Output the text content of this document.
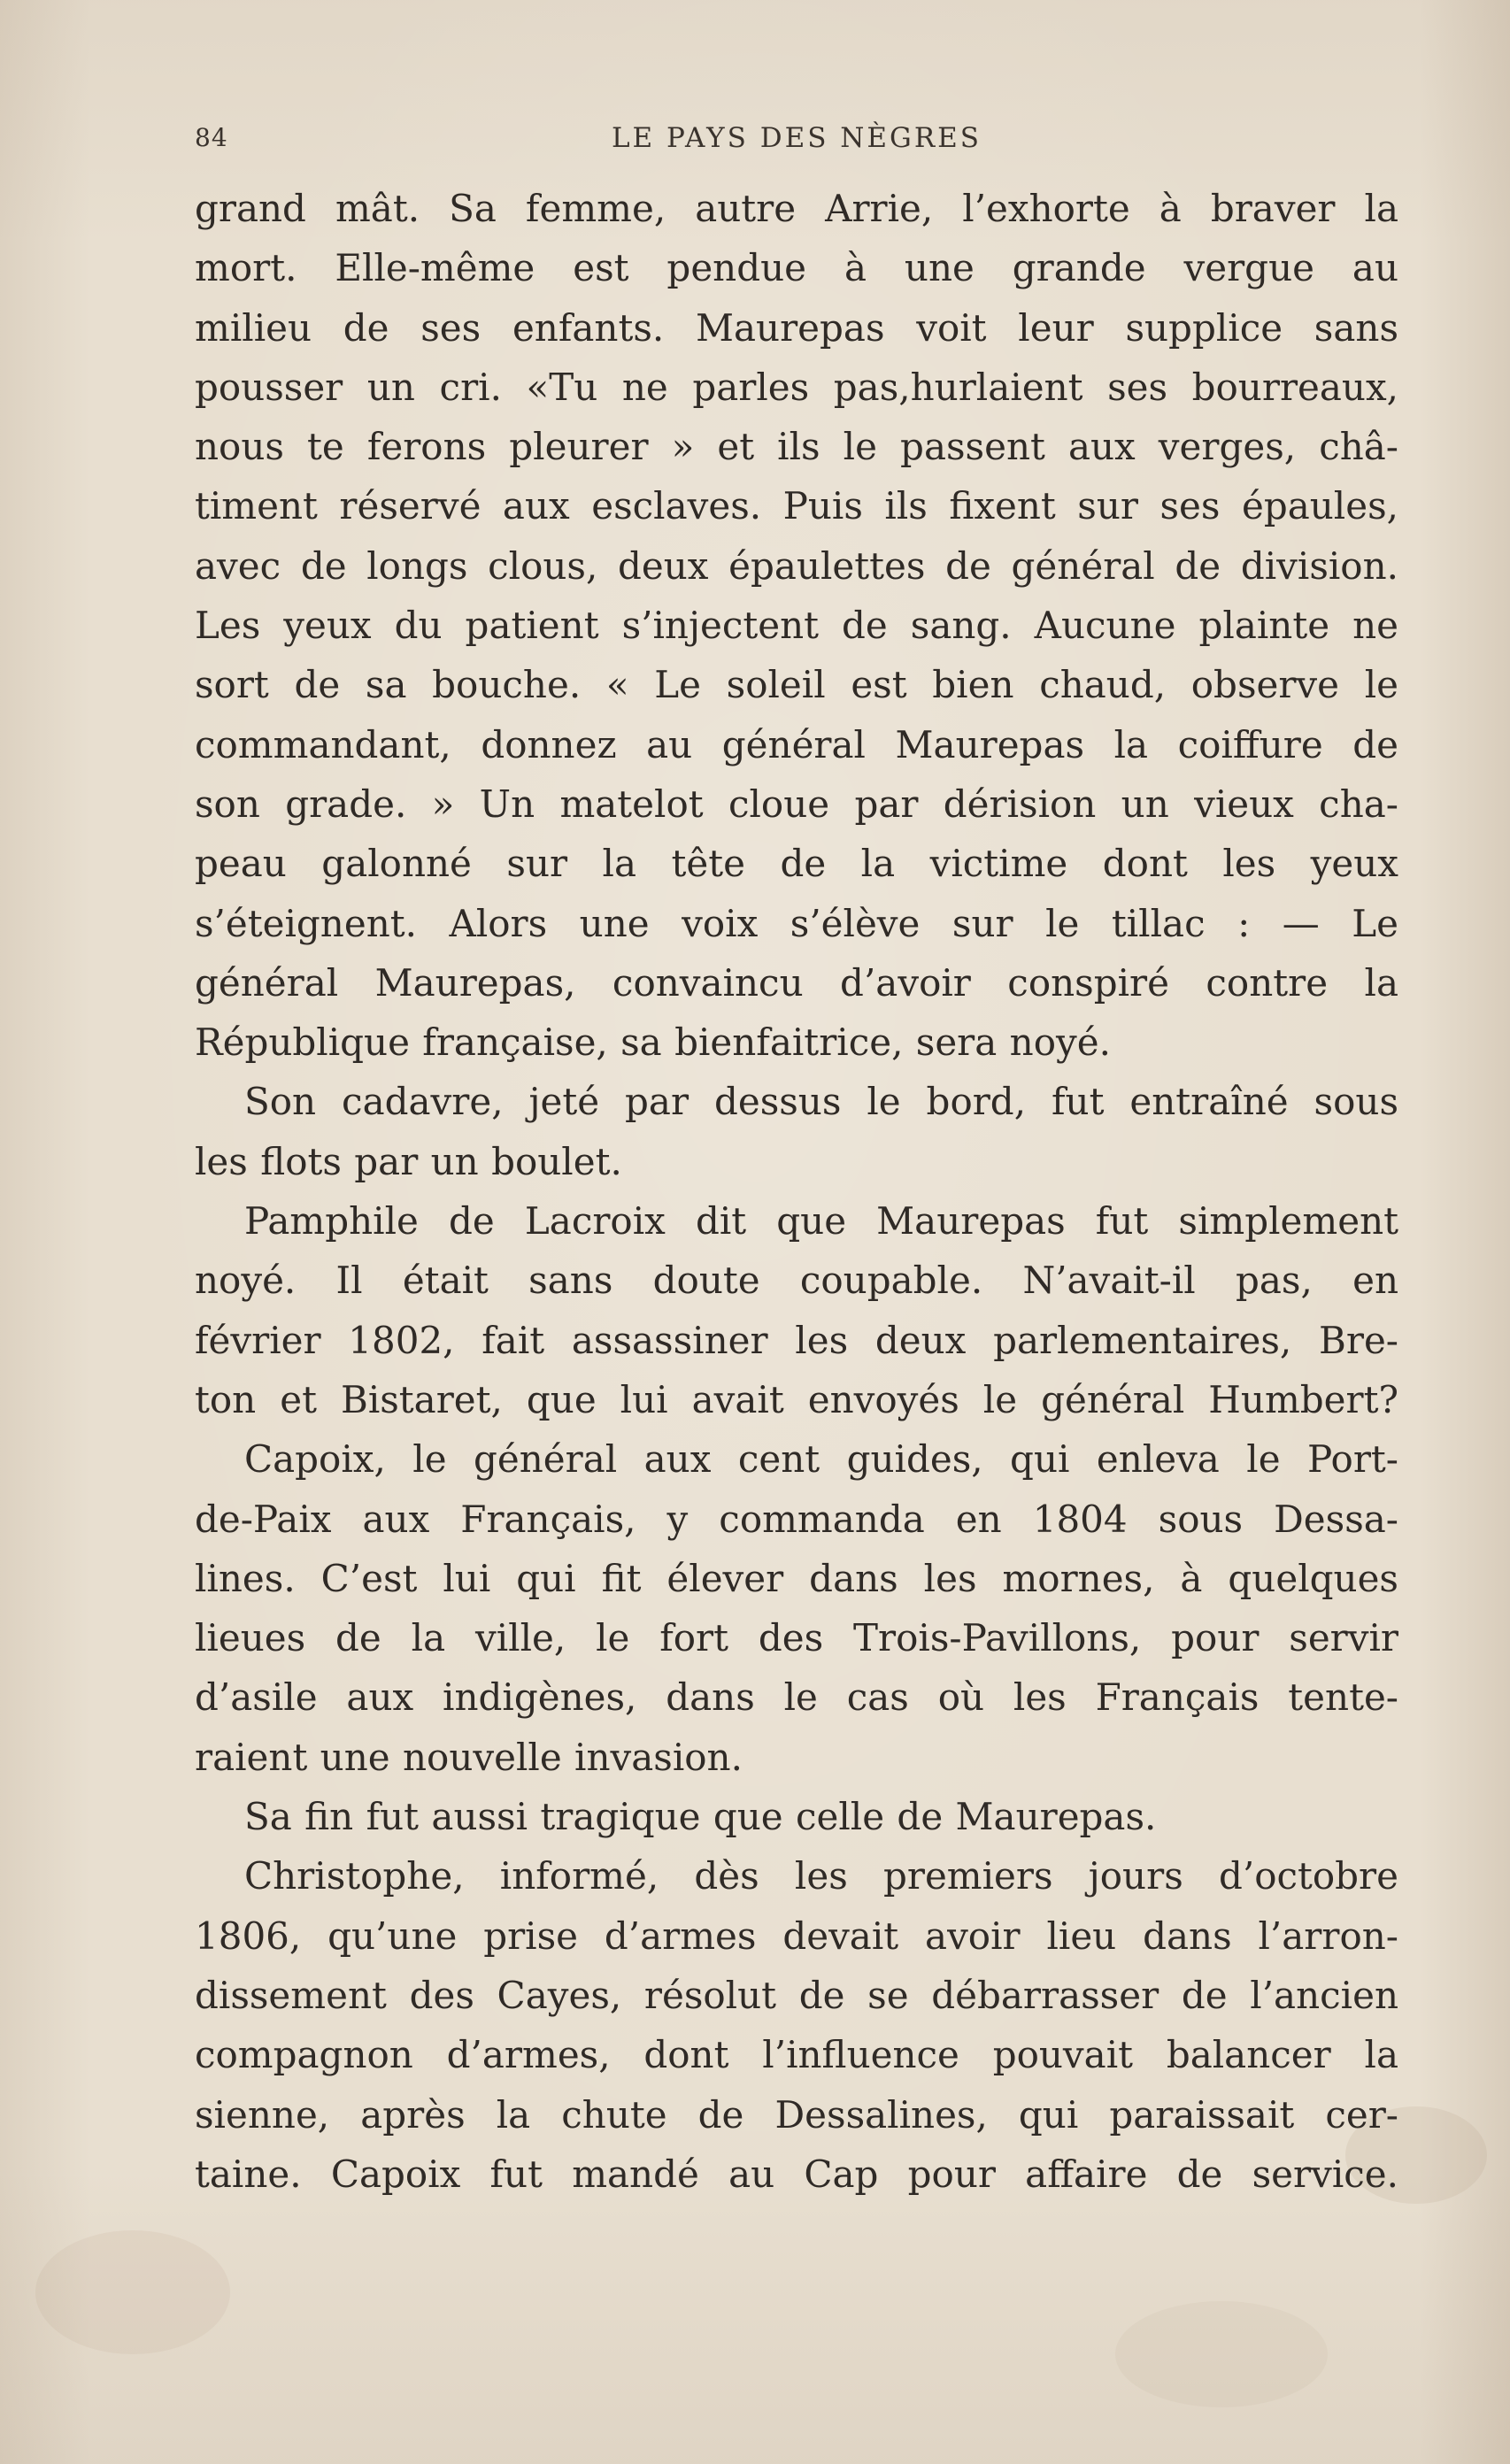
84	LE PAYS DES NÈGRES
grand mât. Sa femme, autre Arrie, l’exhorte à braver la
mort. Elle-même est pendue à une grande vergue au
milieu de ses enfants. Maurepas voit leur supplice sans
pousser un cri. «Tu ne parles pas,hurlaient ses bourreaux,
nous te ferons pleurer » et ils le passent aux verges, châ-
timent réservé aux esclaves. Puis ils fixent sur ses épaules,
avec de longs clous, deux épaulettes de général de division.
Les yeux du patient s’injectent de sang. Aucune plainte ne
sort de sa bouche. « Le soleil est bien chaud, observe le
commandant, donnez au général Maurepas la coiffure de
son grade. » Un matelot cloue par dérision un vieux cha-
peau galonné sur la tête de la victime dont les yeux
s’éteignent. Alors une voix s’élève sur le tillac : — Le
général Maurepas, convaincu d’avoir conspiré contre la
République française, sa bienfaitrice, sera noyé.
Son cadavre, jeté par dessus le bord, fut entraîné sous
les flots par un boulet.
Pamphile de Lacroix dit que Maurepas fut simplement
noyé. Il était sans doute coupable. N’avait-il pas, en
février 1802, fait assassiner les deux parlementaires, Bre-
ton et Bistaret, que lui avait envoyés le général Humbert?
Capoix, le général aux cent guides, qui enleva le Port-
de-Paix aux Français, y commanda en 1804 sous Dessa-
lines. C’est lui qui fit élever dans les mornes, à quelques
lieues de la ville, le fort des Trois-Pavillons, pour servir
d’asile aux indigènes, dans le cas où les Français tente-
raient une nouvelle invasion.
Sa fin fut aussi tragique que celle de Maurepas.
Christophe, informé, dès les premiers jours d’octobre
1806, qu’une prise d’armes devait avoir lieu dans l’arron-
dissement des Cayes, résolut de se débarrasser de l’ancien
compagnon d’armes, dont l’influence pouvait balancer la
sienne, après la chute de Dessalines, qui paraissait cer-
taine. Capoix fut mandé au Cap pour affaire de service.
